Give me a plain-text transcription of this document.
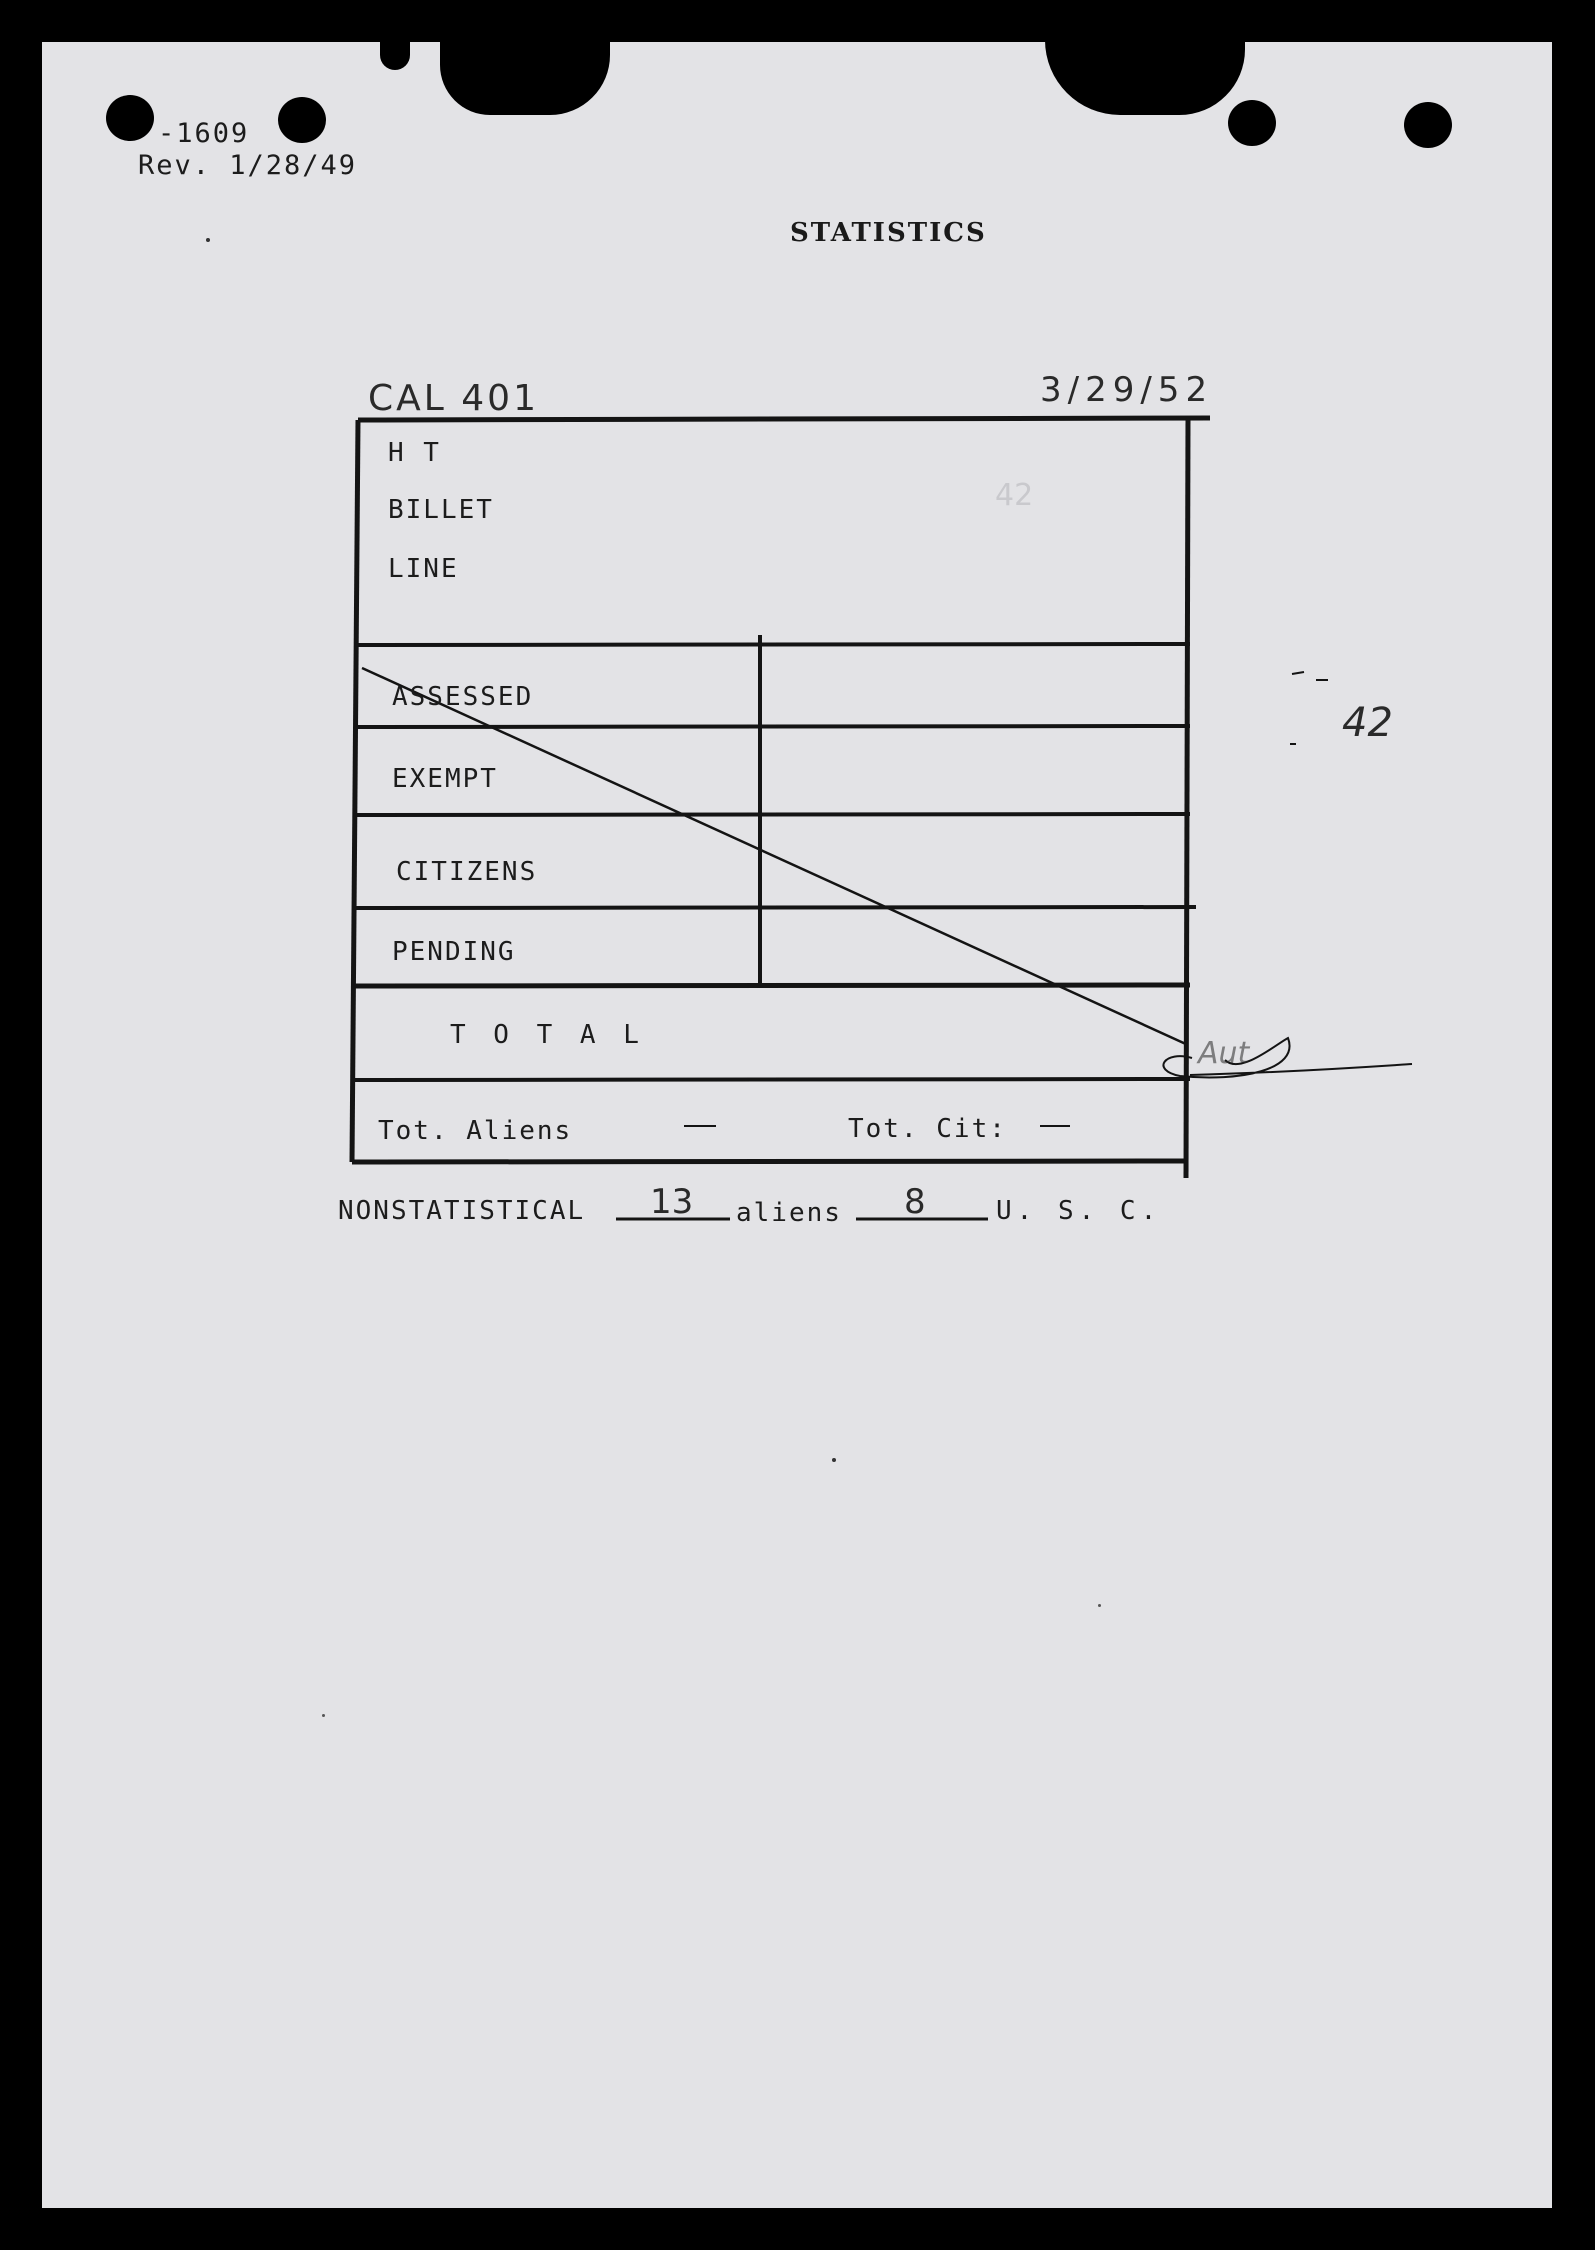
-1609
Rev. 1/28/49
STATISTICS
CAL 401	3/29/52
42
42
H T
BILLET
LINE
ASSESSED
EXEMPT
CITIZENS
PENDING
T O T A L
Tot. Aliens	Tot. Cit:
NONSTATISTICAL 13 aliens 8	U. S. C.
Aut
